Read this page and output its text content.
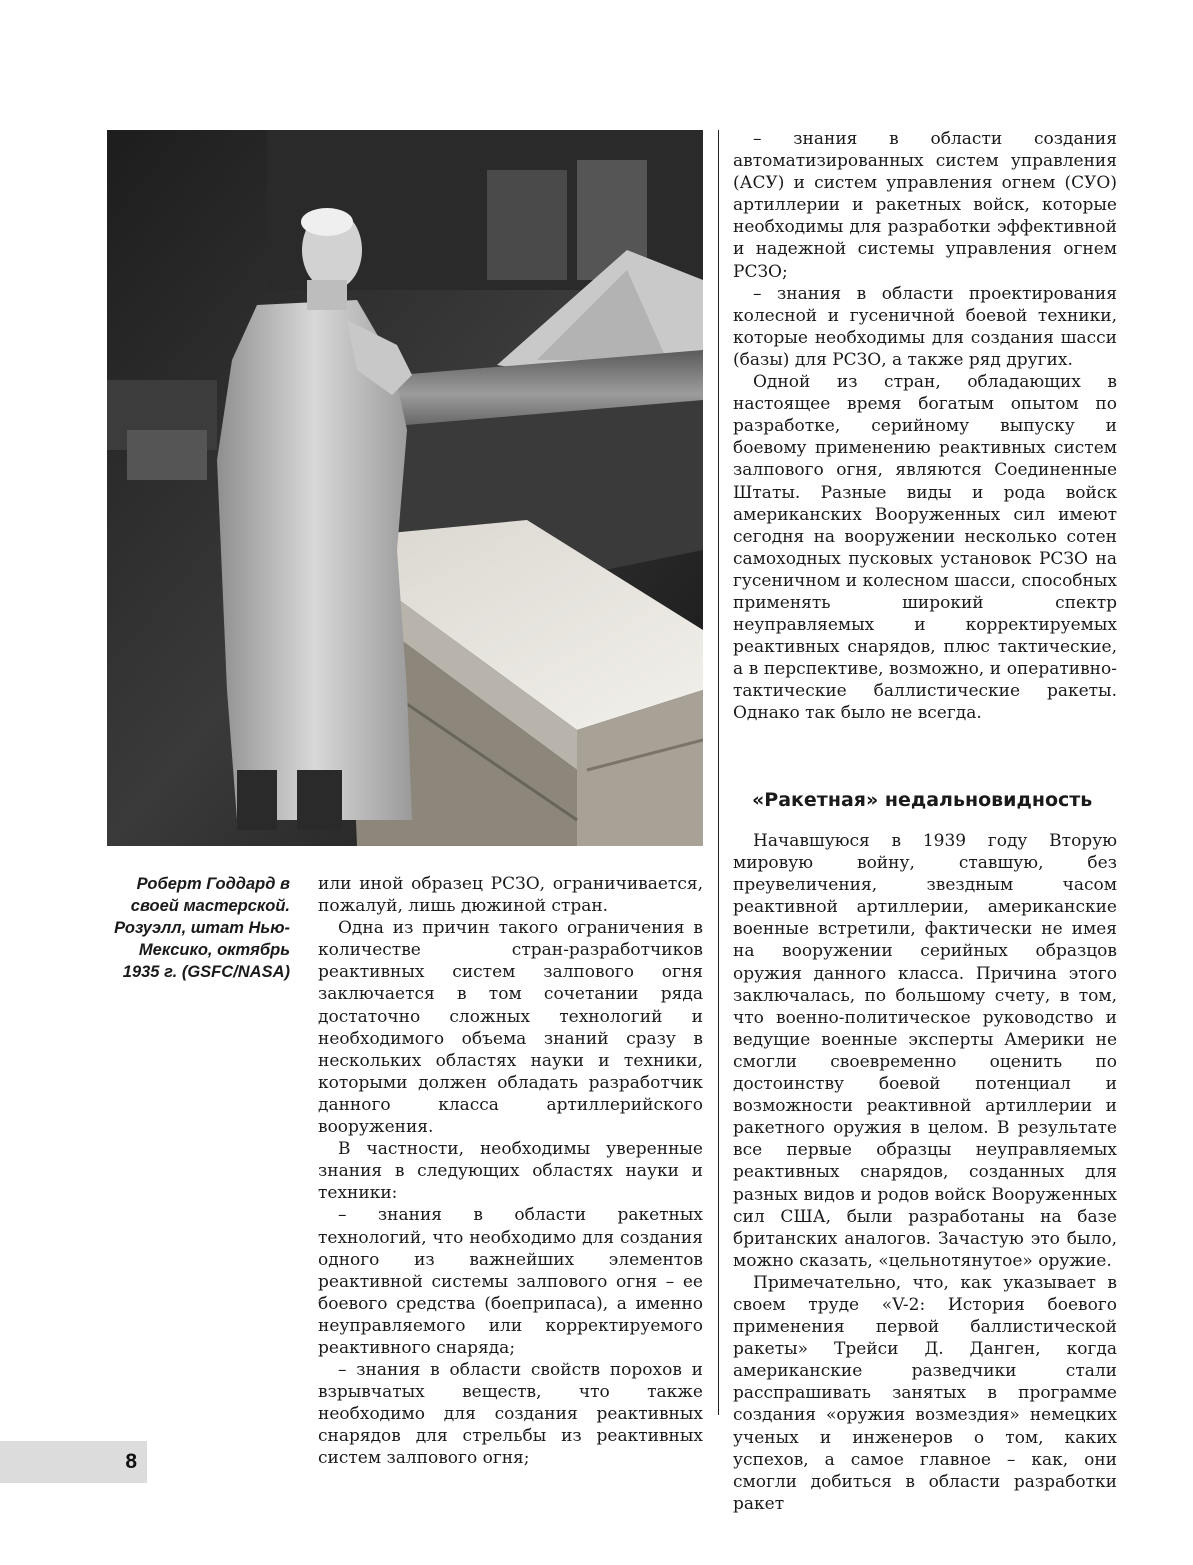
Роберт Годдард в своей мастерской. Розуэлл, штат Нью-Мексико, октябрь 1935 г. (GSFC/NASA)

или иной образец РСЗО, ограничивается, пожалуй, лишь дюжиной стран.

Одна из причин такого ограничения в количестве стран-разработчиков реактивных систем залпового огня заключается в том сочетании ряда достаточно сложных технологий и необходимого объема знаний сразу в нескольких областях науки и техники, которыми должен обладать разработчик данного класса артиллерийского вооружения.

В частности, необходимы уверенные знания в следующих областях науки и техники:

– знания в области ракетных технологий, что необходимо для создания одного из важнейших элементов реактивной системы залпового огня – ее боевого средства (боеприпаса), а именно неуправляемого или корректируемого реактивного снаряда;

– знания в области свойств порохов и взрывчатых веществ, что также необходимо для создания реактивных снарядов для стрельбы из реактивных систем залпового огня;

– знания в области создания автоматизированных систем управления (АСУ) и систем управления огнем (СУО) артиллерии и ракетных войск, которые необходимы для разработки эффективной и надежной системы управления огнем РСЗО;

– знания в области проектирования колесной и гусеничной боевой техники, которые необходимы для создания шасси (базы) для РСЗО, а также ряд других.

Одной из стран, обладающих в настоящее время богатым опытом по разработке, серийному выпуску и боевому применению реактивных систем залпового огня, являются Соединенные Штаты. Разные виды и рода войск американских Вооруженных сил имеют сегодня на вооружении несколько сотен самоходных пусковых установок РСЗО на гусеничном и колесном шасси, способных применять широкий спектр неуправляемых и корректируемых реактивных снарядов, плюс тактические, а в перспективе, возможно, и оперативно-тактические баллистические ракеты. Однако так было не всегда.

«Ракетная» недальновидность

Начавшуюся в 1939 году Вторую мировую войну, ставшую, без преувеличения, звездным часом реактивной артиллерии, американские военные встретили, фактически не имея на вооружении серийных образцов оружия данного класса. Причина этого заключалась, по большому счету, в том, что военно-политическое руководство и ведущие военные эксперты Америки не смогли своевременно оценить по достоинству боевой потенциал и возможности реактивной артиллерии и ракетного оружия в целом. В результате все первые образцы неуправляемых реактивных снарядов, созданных для разных видов и родов войск Вооруженных сил США, были разработаны на базе британских аналогов. Зачастую это было, можно сказать, «цельнотянутое» оружие.

Примечательно, что, как указывает в своем труде «V-2: История боевого применения первой баллистической ракеты» Трейси Д. Данген, когда американские разведчики стали расспрашивать занятых в программе создания «оружия возмездия» немецких ученых и инженеров о том, каких успехов, а самое главное – как, они смогли добиться в области разработки ракет

8
